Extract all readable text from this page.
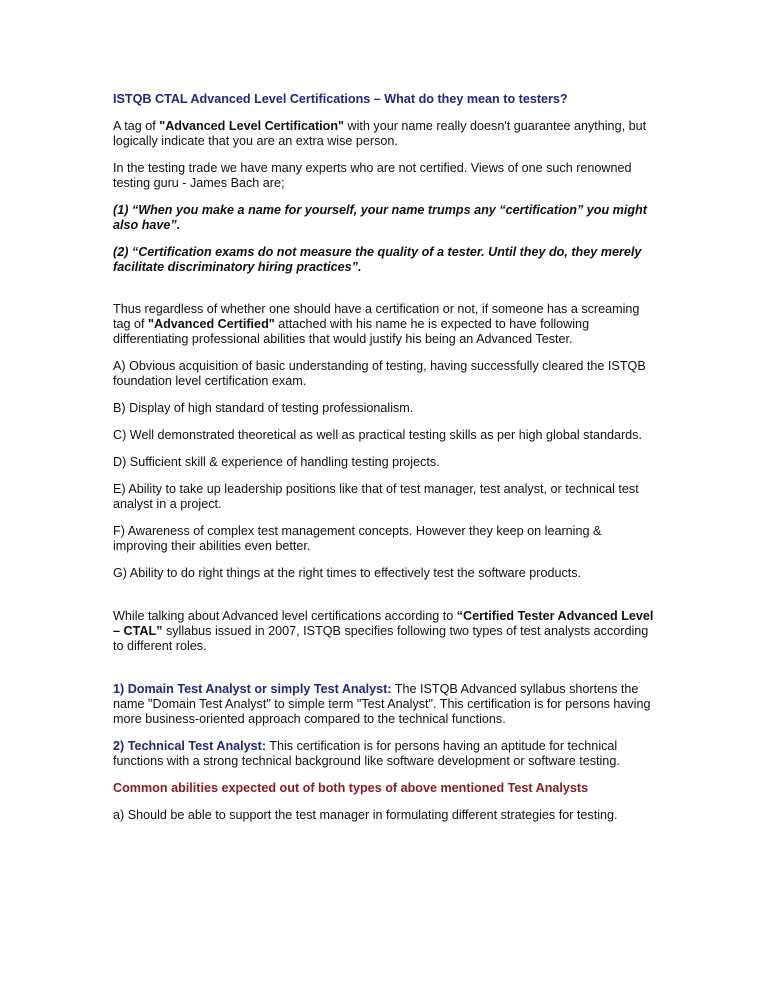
ISTQB CTAL Advanced Level Certifications – What do they mean to testers?

A tag of "Advanced Level Certification" with your name really doesn't guarantee anything, but logically indicate that you are an extra wise person.

In the testing trade we have many experts who are not certified. Views of one such renowned testing guru - James Bach are;

(1) “When you make a name for yourself, your name trumps any “certification” you might also have”.

(2) “Certification exams do not measure the quality of a tester. Until they do, they merely facilitate discriminatory hiring practices”.

Thus regardless of whether one should have a certification or not, if someone has a screaming tag of "Advanced Certified" attached with his name he is expected to have following differentiating professional abilities that would justify his being an Advanced Tester.

A) Obvious acquisition of basic understanding of testing, having successfully cleared the ISTQB foundation level certification exam.

B) Display of high standard of testing professionalism.

C) Well demonstrated theoretical as well as practical testing skills as per high global standards.

D) Sufficient skill & experience of handling testing projects.

E) Ability to take up leadership positions like that of test manager, test analyst, or technical test analyst in a project.

F) Awareness of complex test management concepts. However they keep on learning & improving their abilities even better.

G) Ability to do right things at the right times to effectively test the software products.

While talking about Advanced level certifications according to “Certified Tester Advanced Level – CTAL” syllabus issued in 2007, ISTQB specifies following two types of test analysts according to different roles.

1) Domain Test Analyst or simply Test Analyst: The ISTQB Advanced syllabus shortens the name "Domain Test Analyst" to simple term "Test Analyst". This certification is for persons having more business-oriented approach compared to the technical functions.

2) Technical Test Analyst: This certification is for persons having an aptitude for technical functions with a strong technical background like software development or software testing.

Common abilities expected out of both types of above mentioned Test Analysts

a) Should be able to support the test manager in formulating different strategies for testing.
